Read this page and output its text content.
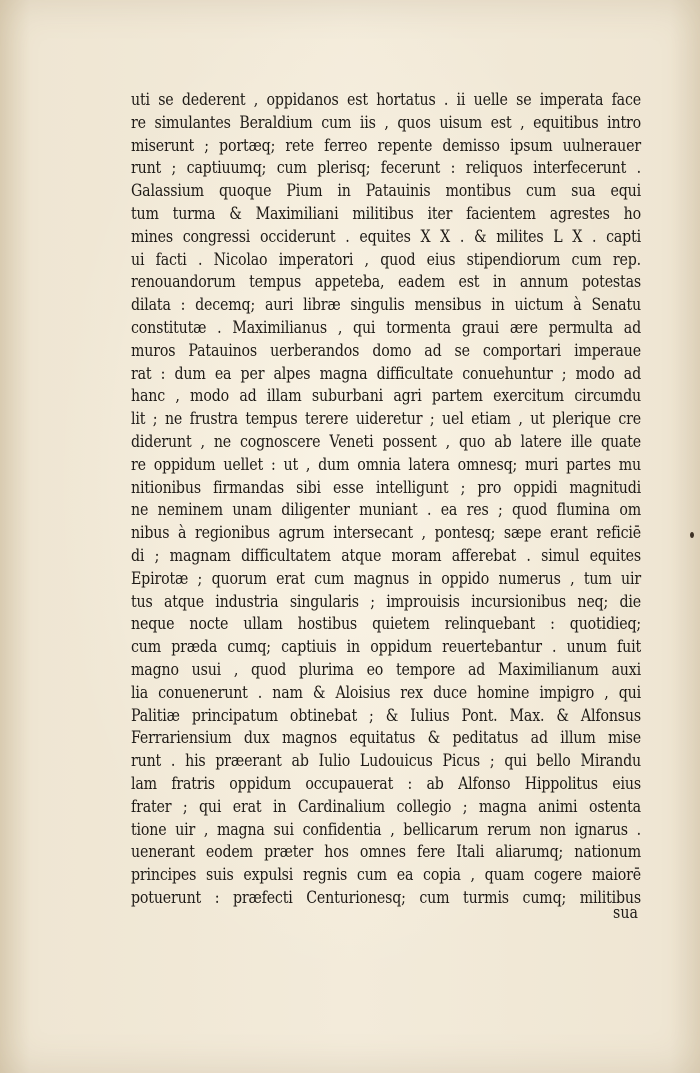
uti se dederent , oppidanos est hortatus . ii uelle se imperata face
re simulantes Beraldium cum iis , quos uisum est , equitibus intro
miserunt ; portæq; rete ferreo repente demisso ipsum uulnerauer
runt ; captiuumq; cum plerisq; fecerunt : reliquos interfecerunt .
Galassium quoque Pium in Patauinis montibus cum sua equi
tum turma & Maximiliani militibus iter facientem agrestes ho
mines congressi occiderunt . equites X X . & milites L X . capti
ui facti . Nicolao imperatori , quod eius stipendiorum cum rep.
renouandorum tempus appeteba, eadem est in annum potestas
dilata : decemq; auri libræ singulis mensibus in uictum à Senatu
constitutæ . Maximilianus , qui tormenta graui ære permulta ad
muros Patauinos uerberandos domo ad se comportari imperaue
rat : dum ea per alpes magna difficultate conuehuntur ; modo ad
hanc , modo ad illam suburbani agri partem exercitum circumdu
lit ; ne frustra tempus terere uideretur ; uel etiam , ut plerique cre
diderunt , ne cognoscere Veneti possent , quo ab latere ille quate
re oppidum uellet : ut , dum omnia latera omnesq; muri partes mu
nitionibus firmandas sibi esse intelligunt ; pro oppidi magnitudi
ne neminem unam diligenter muniant . ea res ; quod flumina om
nibus à regionibus agrum intersecant , pontesq; sæpe erant reficiē
di ; magnam difficultatem atque moram afferebat . simul equites
Epirotæ ; quorum erat cum magnus in oppido numerus , tum uir
tus atque industria singularis ; improuisis incursionibus neq; die
neque nocte ullam hostibus quietem relinquebant : quotidieq;
cum præda cumq; captiuis in oppidum reuertebantur . unum fuit
magno usui , quod plurima eo tempore ad Maximilianum auxi
lia conuenerunt . nam & Aloisius rex duce homine impigro , qui
Palitiæ principatum obtinebat ; & Iulius Pont. Max. & Alfonsus
Ferrariensium dux magnos equitatus & peditatus ad illum mise
runt . his præerant ab Iulio Ludouicus Picus ; qui bello Mirandu
lam fratris oppidum occupauerat : ab Alfonso Hippolitus eius
frater ; qui erat in Cardinalium collegio ; magna animi ostenta
tione uir , magna sui confidentia , bellicarum rerum non ignarus .
uenerant eodem præter hos omnes fere Itali aliarumq; nationum
principes suis expulsi regnis cum ea copia , quam cogere maiorē
potuerunt : præfecti Centurionesq; cum turmis cumq; militibus
sua
